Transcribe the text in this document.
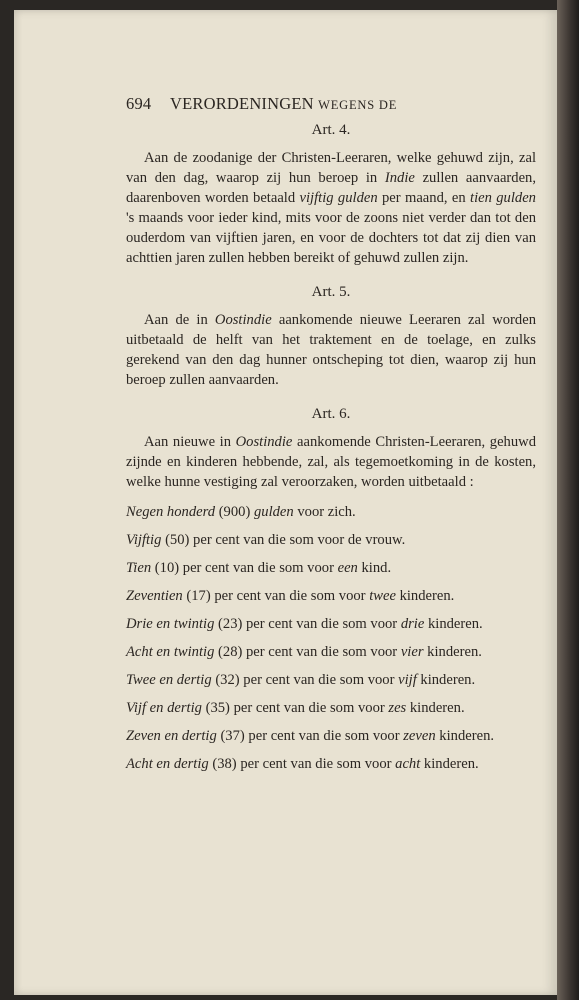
694 VERORDENINGEN WEGENS DE
Art. 4.

Aan de zoodanige der Christen-Leeraren, welke gehuwd zijn, zal van den dag, waarop zij hun beroep in Indie zullen aanvaarden, daarenboven worden betaald vijftig gulden per maand, en tien gulden 's maands voor ieder kind, mits voor de zoons niet verder dan tot den ouderdom van vijftien jaren, en voor de dochters tot dat zij dien van achttien jaren zullen hebben bereikt of gehuwd zullen zijn.

Art. 5.

Aan de in Oostindie aankomende nieuwe Leeraren zal worden uitbetaald de helft van het traktement en de toelage, en zulks gerekend van den dag hunner ontscheping tot dien, waarop zij hun beroep zullen aanvaarden.

Art. 6.

Aan nieuwe in Oostindie aankomende Christen-Leeraren, gehuwd zijnde en kinderen hebbende, zal, als tegemoetkoming in de kosten, welke hunne vestiging zal veroorzaken, worden uitbetaald :

Negen honderd (900) gulden voor zich.

Vijftig (50) per cent van die som voor de vrouw.

Tien (10) per cent van die som voor een kind.

Zeventien (17) per cent van die som voor twee kinderen.

Drie en twintig (23) per cent van die som voor drie kinderen.

Acht en twintig (28) per cent van die som voor vier kinderen.

Twee en dertig (32) per cent van die som voor vijf kinderen.

Vijf en dertig (35) per cent van die som voor zes kinderen.

Zeven en dertig (37) per cent van die som voor zeven kinderen.

Acht en dertig (38) per cent van die som voor acht kinderen.
